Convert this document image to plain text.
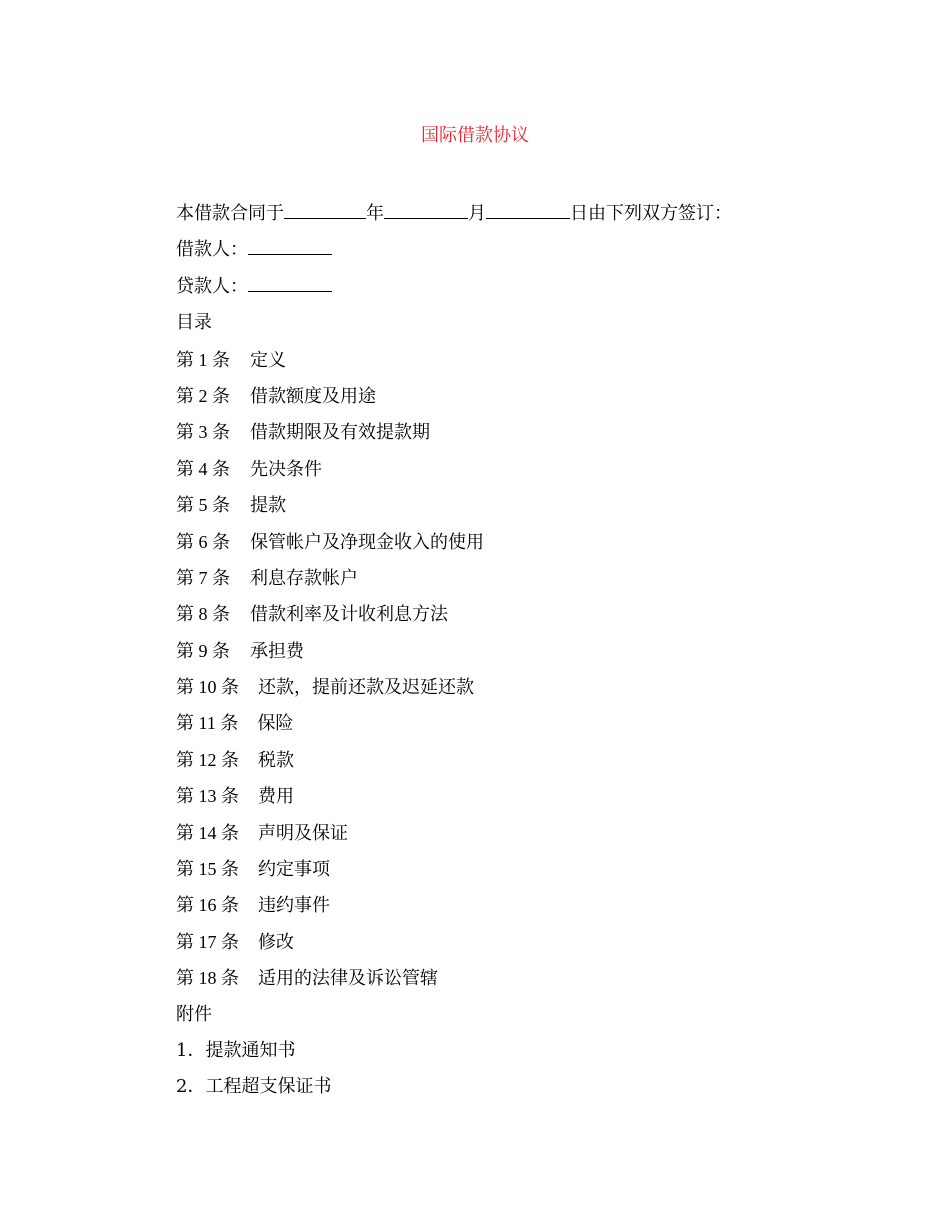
国际借款协议
本借款合同于	年	月	日由下列双方签订：
借款人：
贷款人：
目录
第 1 条 定义
第 2 条 借款额度及用途
第 3 条 借款期限及有效提款期
第 4 条 先决条件
第 5 条 提款
第 6 条 保管帐户及净现金收入的使用
第 7 条 利息存款帐户
第 8 条 借款利率及计收利息方法
第 9 条 承担费
第 10 条 还款，提前还款及迟延还款
第 11 条 保险
第 12 条 税款
第 13 条 费用
第 14 条 声明及保证
第 15 条 约定事项
第 16 条 违约事件
第 17 条 修改
第 18 条 适用的法律及诉讼管辖
附件
1．提款通知书
2．工程超支保证书
